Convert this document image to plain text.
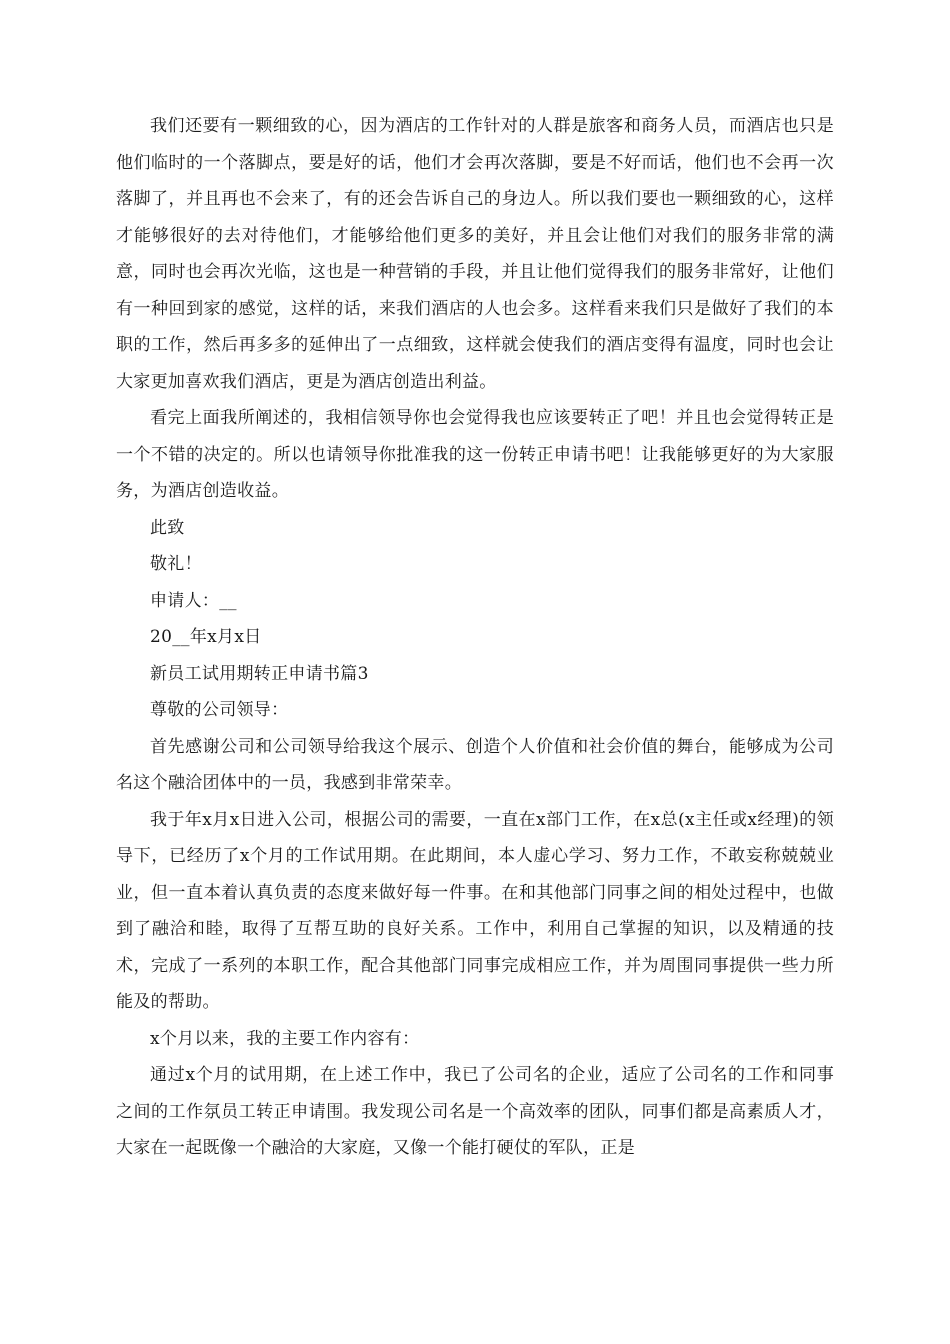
我们还要有一颗细致的心，因为酒店的工作针对的人群是旅客和商务人员，而酒店也只是他们临时的一个落脚点，要是好的话，他们才会再次落脚，要是不好而话，他们也不会再一次落脚了，并且再也不会来了，有的还会告诉自己的身边人。所以我们要也一颗细致的心，这样才能够很好的去对待他们，才能够给他们更多的美好，并且会让他们对我们的服务非常的满意，同时也会再次光临，这也是一种营销的手段，并且让他们觉得我们的服务非常好，让他们有一种回到家的感觉，这样的话，来我们酒店的人也会多。这样看来我们只是做好了我们的本职的工作，然后再多多的延伸出了一点细致，这样就会使我们的酒店变得有温度，同时也会让大家更加喜欢我们酒店，更是为酒店创造出利益。

看完上面我所阐述的，我相信领导你也会觉得我也应该要转正了吧！并且也会觉得转正是一个不错的决定的。所以也请领导你批准我的这一份转正申请书吧！让我能够更好的为大家服务，为酒店创造收益。

此致

敬礼！

申请人：__

20__年x月x日

新员工试用期转正申请书篇3

尊敬的公司领导：

首先感谢公司和公司领导给我这个展示、创造个人价值和社会价值的舞台，能够成为公司名这个融洽团体中的一员，我感到非常荣幸。

我于年x月x日进入公司，根据公司的需要，一直在x部门工作，在x总(x主任或x经理)的领导下，已经历了x个月的工作试用期。在此期间，本人虚心学习、努力工作，不敢妄称兢兢业业，但一直本着认真负责的态度来做好每一件事。在和其他部门同事之间的相处过程中，也做到了融洽和睦，取得了互帮互助的良好关系。工作中，利用自己掌握的知识，以及精通的技术，完成了一系列的本职工作，配合其他部门同事完成相应工作，并为周围同事提供一些力所能及的帮助。

x个月以来，我的主要工作内容有：

通过x个月的试用期，在上述工作中，我已了公司名的企业，适应了公司名的工作和同事之间的工作氛员工转正申请围。我发现公司名是一个高效率的团队，同事们都是高素质人才，大家在一起既像一个融洽的大家庭，又像一个能打硬仗的军队，正是
